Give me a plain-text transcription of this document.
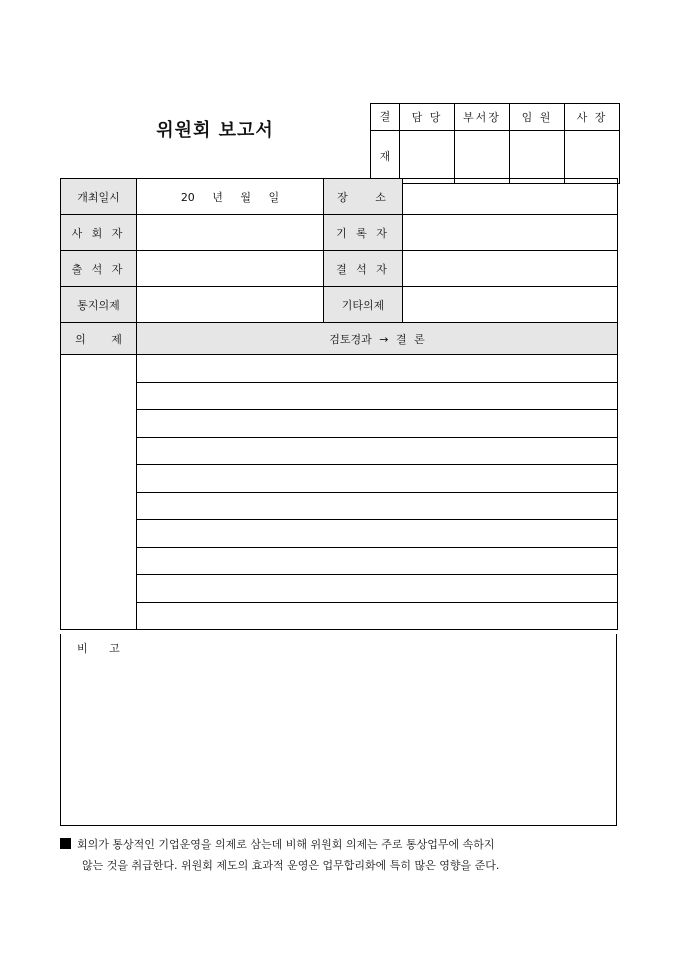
위원회 보고서
결	담 당	부서장	임 원	사 장
재				
개최일시	20 년 월 일	장 소	
사 회 자		기 록 자	
출 석 자		결 석 자	
통지의제		기타의제	
의 제	검토경과 → 결 론		

비 고
회의가 통상적인 기업운영을 의제로 삼는데 비해 위원회 의제는 주로 통상업무에 속하지
않는 것을 취급한다. 위원회 제도의 효과적 운영은 업무합리화에 특히 많은 영향을 준다.
